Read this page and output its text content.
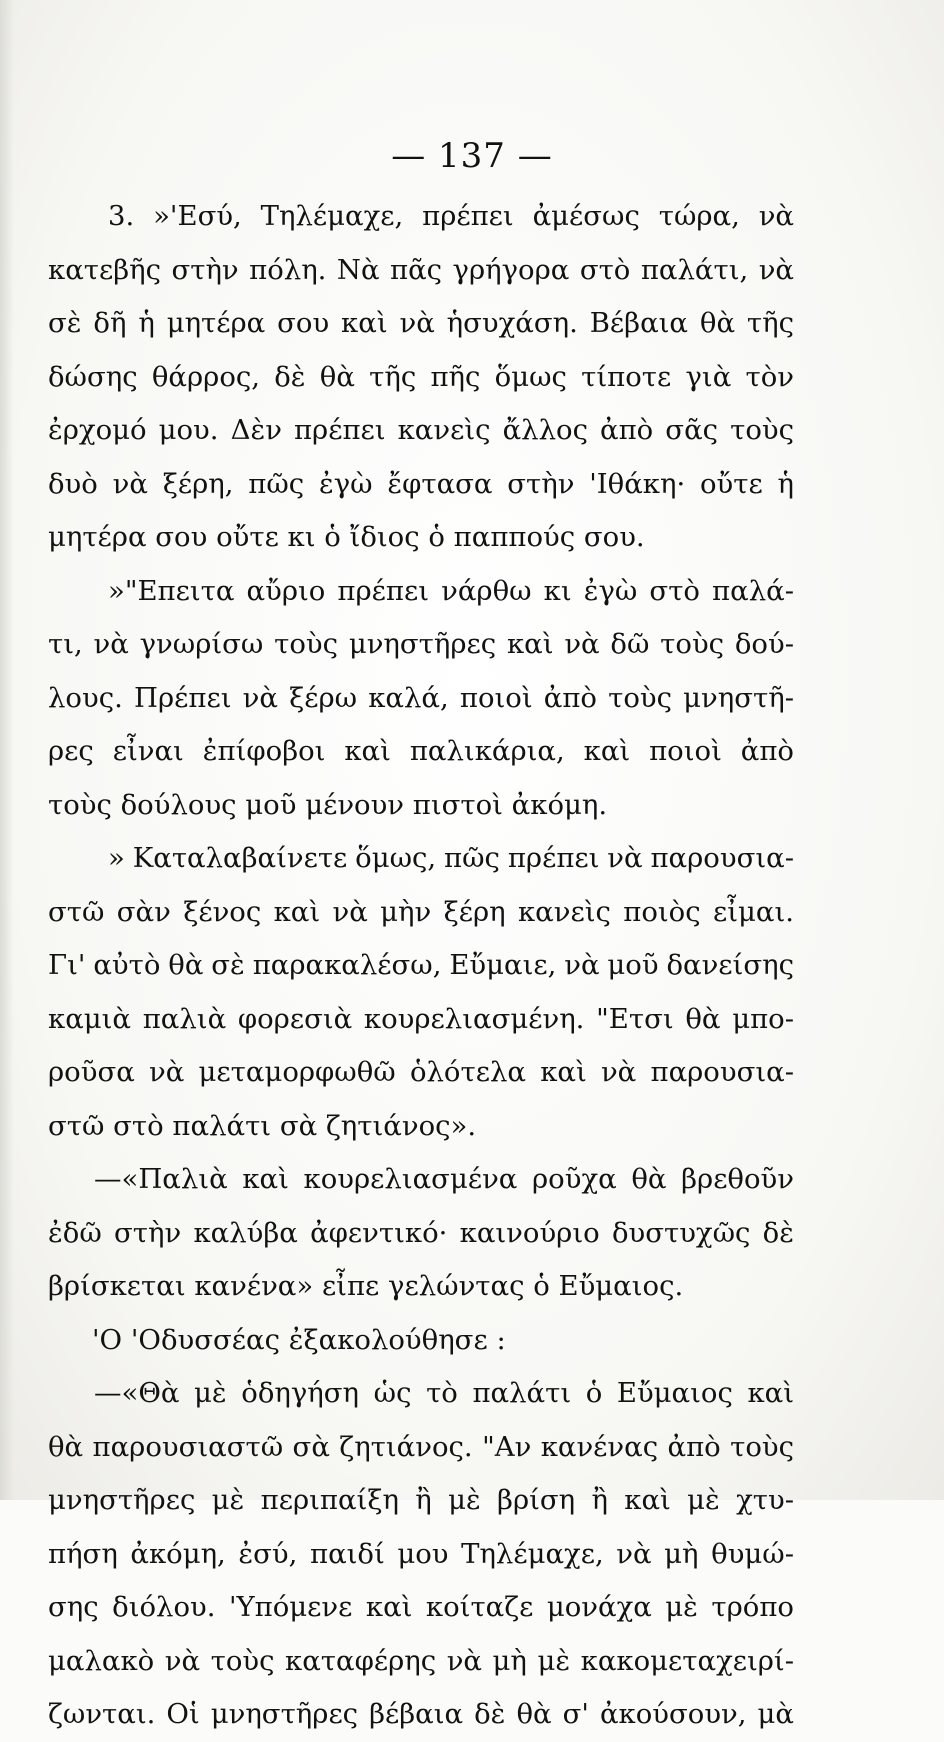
— 137 —
3. »'Εσύ, Τηλέμαχε, πρέπει ἀμέσως τώρα, νὰ
κατεβῆς στὴν πόλη. Νὰ πᾶς γρήγορα στὸ παλάτι, νὰ
σὲ δῆ ἡ μητέρα σου καὶ νὰ ἡσυχάση. Βέβαια θὰ τῆς
δώσης θάρρος, δὲ θὰ τῆς πῆς ὅμως τίποτε γιὰ τὸν
ἐρχομό μου. Δὲν πρέπει κανεὶς ἄλλος ἀπὸ σᾶς τοὺς
δυὸ νὰ ξέρη, πῶς ἐγὼ ἔφτασα στὴν 'Ιθάκη· οὔτε ἡ
μητέρα σου οὔτε κι ὁ ἴδιος ὁ παππούς σου.
»"Επειτα αὔριο πρέπει νάρθω κι ἐγὼ στὸ παλά-
τι, νὰ γνωρίσω τοὺς μνηστῆρες καὶ νὰ δῶ τοὺς δού-
λους. Πρέπει νὰ ξέρω καλά, ποιοὶ ἀπὸ τοὺς μνηστῆ-
ρες εἶναι ἐπίφοβοι καὶ παλικάρια, καὶ ποιοὶ ἀπὸ
τοὺς δούλους μοῦ μένουν πιστοὶ ἀκόμη.
» Καταλαβαίνετε ὅμως, πῶς πρέπει νὰ παρουσια-
στῶ σὰν ξένος καὶ νὰ μὴν ξέρη κανεὶς ποιὸς εἶμαι.
Γι' αὐτὸ θὰ σὲ παρακαλέσω, Εὔμαιε, νὰ μοῦ δανείσης
καμιὰ παλιὰ φορεσιὰ κουρελιασμένη. "Ετσι θὰ μπο-
ροῦσα νὰ μεταμορφωθῶ ὁλότελα καὶ νὰ παρουσια-
στῶ στὸ παλάτι σὰ ζητιάνος».
—«Παλιὰ καὶ κουρελιασμένα ροῦχα θὰ βρεθοῦν
ἐδῶ στὴν καλύβα ἀφεντικό· καινούριο δυστυχῶς δὲ
βρίσκεται κανένα» εἶπε γελώντας ὁ Εὔμαιος.
'Ο 'Οδυσσέας ἐξακολούθησε :
—«Θὰ μὲ ὁδηγήση ὡς τὸ παλάτι ὁ Εὔμαιος καὶ
θὰ παρουσιαστῶ σὰ ζητιάνος. "Αν κανένας ἀπὸ τοὺς
μνηστῆρες μὲ περιπαίξη ἢ μὲ βρίση ἢ καὶ μὲ χτυ-
πήση ἀκόμη, ἐσύ, παιδί μου Τηλέμαχε, νὰ μὴ θυμώ-
σης διόλου. 'Υπόμενε καὶ κοίταζε μονάχα μὲ τρόπο
μαλακὸ νὰ τοὺς καταφέρης νὰ μὴ μὲ κακομεταχειρί-
ζωνται. Οἱ μνηστῆρες βέβαια δὲ θὰ σ' ἀκούσουν, μὰ
